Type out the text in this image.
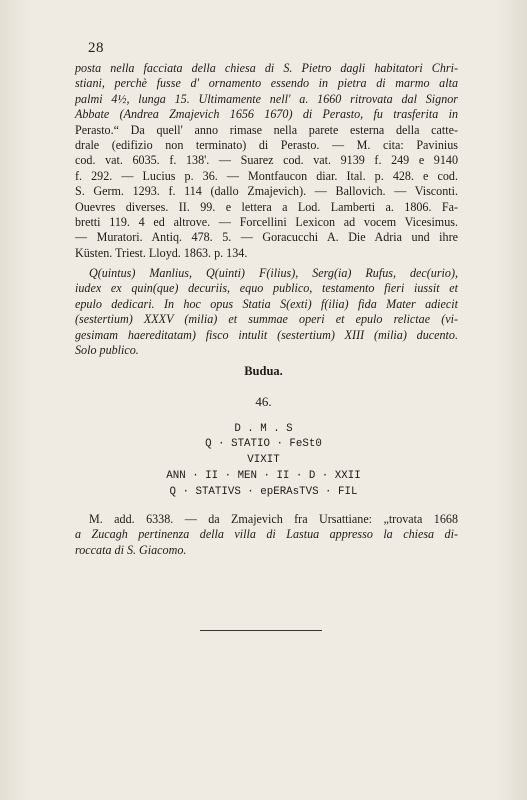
28
posta nella facciata della chiesa di S. Pietro dagli habitatori Chri-
stiani, perchè fusse d' ornamento essendo in pietra di marmo alta
palmi 4½, lunga 15. Ultimamente nell' a. 1660 ritrovata dal Signor
Abbate (Andrea Zmajevich 1656 1670) di Perasto, fu trasferita in
Perasto.“ Da quell' anno rimase nella parete esterna della catte-
drale (edifizio non terminato) di Perasto. — M. cita: Pavinius
cod. vat. 6035. f. 138'. — Suarez cod. vat. 9139 f. 249 e 9140
f. 292. — Lucius p. 36. — Montfaucon diar. Ital. p. 428. e cod.
S. Germ. 1293. f. 114 (dallo Zmajevich). — Ballovich. — Visconti.
Ouevres diverses. II. 99. e lettera a Lod. Lamberti a. 1806. Fa-
bretti 119. 4 ed altrove. — Forcellini Lexicon ad vocem Vicesimus.
— Muratori. Antiq. 478. 5. — Goracucchi A. Die Adria und ihre
Küsten. Triest. Lloyd. 1863. p. 134.
Q(uintus) Manlius, Q(uinti) F(ilius), Serg(ia) Rufus, dec(urio),
iudex ex quin(que) decuriis, equo publico, testamento fieri iussit et
epulo dedicari. In hoc opus Statia S(exti) f(ilia) fida Mater adiecit
(sestertium) XXXV (milia) et summae operi et epulo relictae (vi-
gesimam haereditatam) fisco intulit (sestertium) XIII (milia) ducento.
Solo publico.
Budua.
46.
D . M . S
Q · STATIO · FeSt0
VIXIT
ANN · II · MEN · II · D · XXII
Q · STATIVS · epERAsTVS · FIL
M. add. 6338. — da Zmajevich fra Ursattiane: „trovata 1668
a Zucagh pertinenza della villa di Lastua appresso la chiesa di-
roccata di S. Giacomo.
